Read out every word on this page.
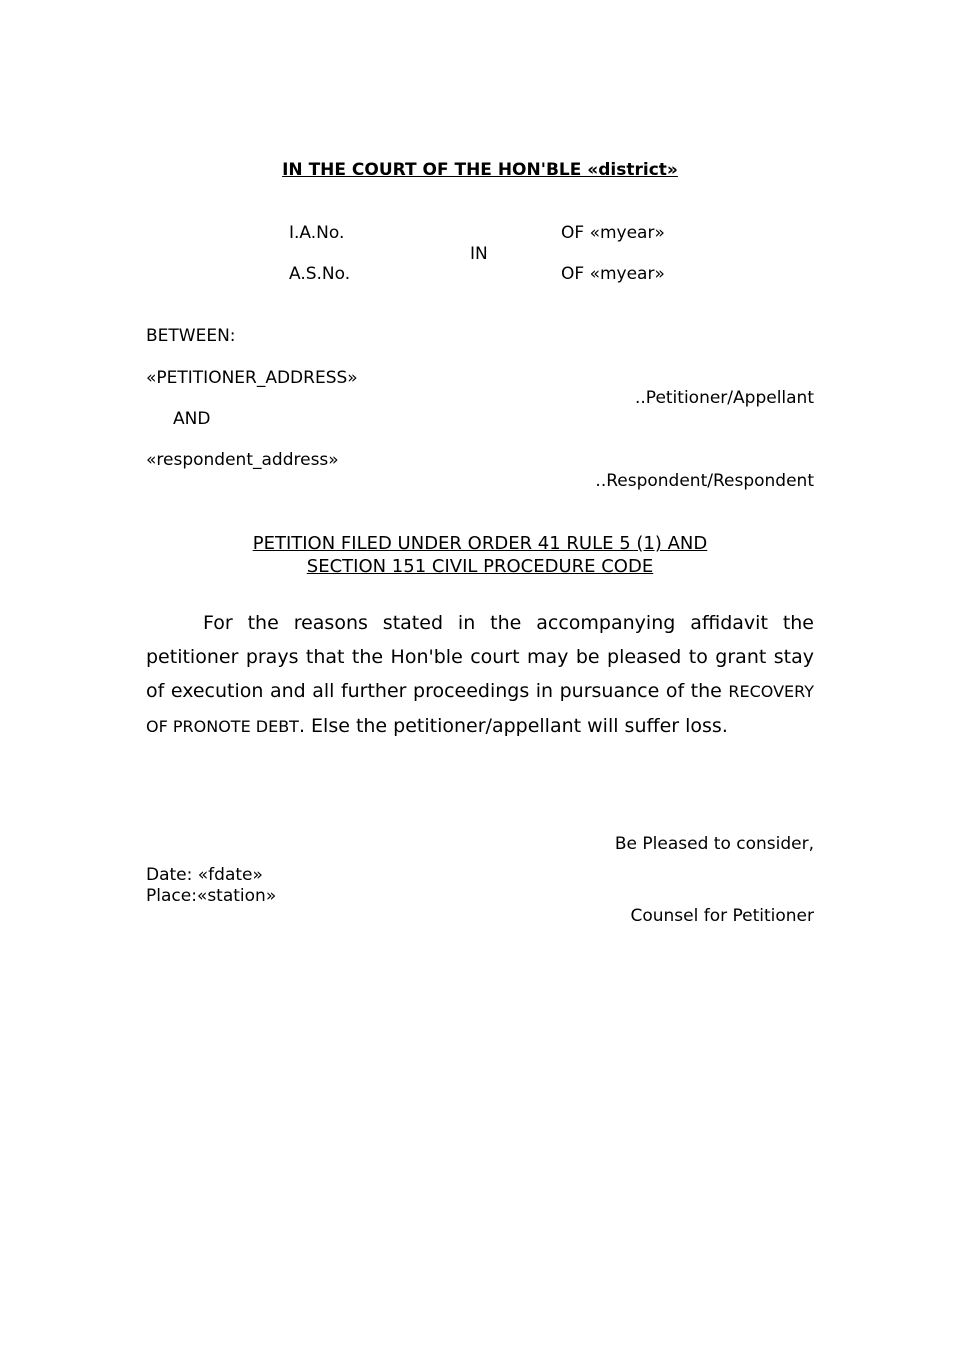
IN THE COURT OF THE HON'BLE «district»
I.A.No.	OF «myear»
IN
A.S.No.	OF «myear»
BETWEEN:
«PETITIONER_ADDRESS»
..Petitioner/Appellant
AND
«respondent_address»
..Respondent/Respondent
PETITION FILED UNDER ORDER 41 RULE 5 (1) AND
SECTION 151 CIVIL PROCEDURE CODE
For the reasons stated in the accompanying affidavit the petitioner prays that the Hon'ble court may be pleased to grant stay of execution and all further proceedings in pursuance of the RECOVERY OF PRONOTE DEBT. Else the petitioner/appellant will suffer loss.
Be Pleased to consider,
Date: «fdate»
Place:«station»
Counsel for Petitioner
